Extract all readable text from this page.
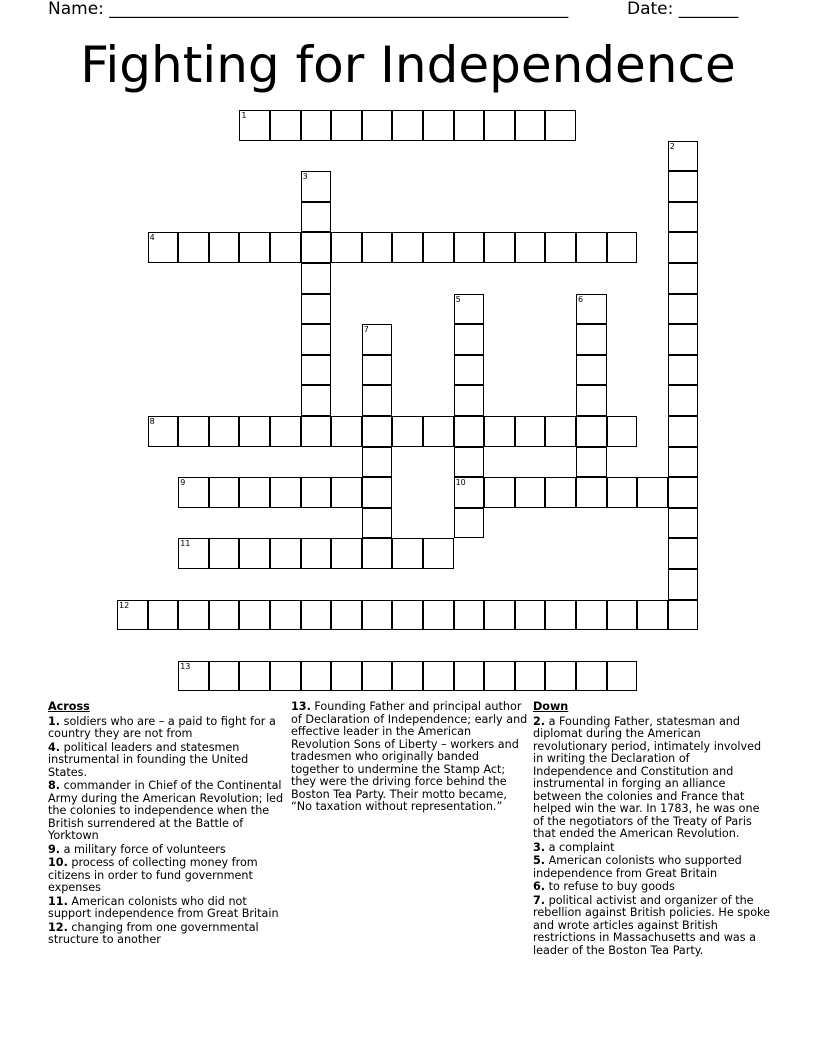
Name: ______________________________________________________	Date: _______
Fighting for Independence
1
2
3
4
5
10
6
7
8
9
11
12
13
Across
1. soldiers who are – a paid to fight for a country they are not from
4. political leaders and statesmen instrumental in founding the United States.
8. commander in Chief of the Continental Army during the American Revolution; led the colonies to independence when the British surrendered at the Battle of Yorktown
9. a military force of volunteers
10. process of collecting money from citizens in order to fund government expenses
11. American colonists who did not support independence from Great Britain
12. changing from one governmental structure to another
13. Founding Father and principal author of Declaration of Independence; early and effective leader in the American Revolution Sons of Liberty – workers and tradesmen who originally banded together to undermine the Stamp Act; they were the driving force behind the Boston Tea Party. Their motto became, “No taxation without representation.”
Down
2. a Founding Father, statesman and diplomat during the American revolutionary period, intimately involved in writing the Declaration of Independence and Constitution and instrumental in forging an alliance between the colonies and France that helped win the war. In 1783, he was one of the negotiators of the Treaty of Paris that ended the American Revolution.
3. a complaint
5. American colonists who supported independence from Great Britain
6. to refuse to buy goods
7. political activist and organizer of the rebellion against British policies. He spoke and wrote articles against British restrictions in Massachusetts and was a leader of the Boston Tea Party.
